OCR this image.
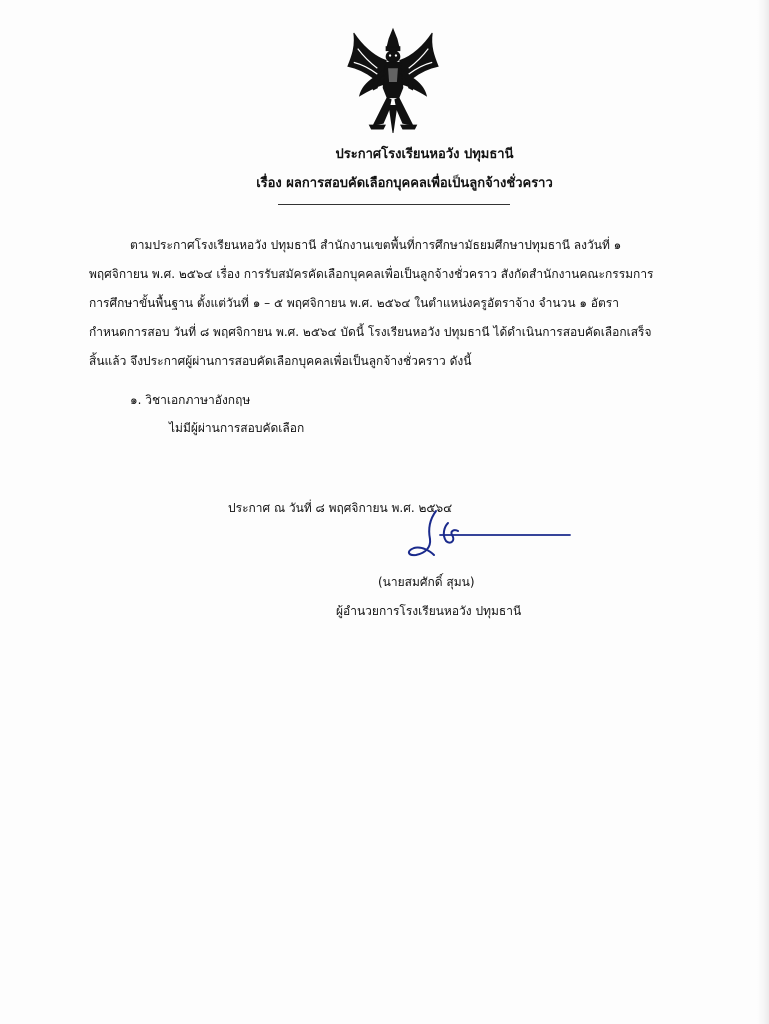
ประกาศโรงเรียนหอวัง ปทุมธานี
เรื่อง ผลการสอบคัดเลือกบุคคลเพื่อเป็นลูกจ้างชั่วคราว
ตามประกาศโรงเรียนหอวัง ปทุมธานี สำนักงานเขตพื้นที่การศึกษามัธยมศึกษาปทุมธานี ลงวันที่ ๑
พฤศจิกายน พ.ศ. ๒๕๖๔ เรื่อง การรับสมัครคัดเลือกบุคคลเพื่อเป็นลูกจ้างชั่วคราว สังกัดสำนักงานคณะกรรมการ
การศึกษาขั้นพื้นฐาน ตั้งแต่วันที่ ๑ – ๕ พฤศจิกายน พ.ศ. ๒๕๖๔ ในตำแหน่งครูอัตราจ้าง จำนวน ๑ อัตรา
กำหนดการสอบ วันที่ ๘ พฤศจิกายน พ.ศ. ๒๕๖๔ บัดนี้ โรงเรียนหอวัง ปทุมธานี ได้ดำเนินการสอบคัดเลือกเสร็จ
สิ้นแล้ว จึงประกาศผู้ผ่านการสอบคัดเลือกบุคคลเพื่อเป็นลูกจ้างชั่วคราว ดังนี้
๑. วิชาเอกภาษาอังกฤษ
ไม่มีผู้ผ่านการสอบคัดเลือก
ประกาศ ณ วันที่ ๘ พฤศจิกายน พ.ศ. ๒๕๖๔
(นายสมศักดิ์ สุมน)
ผู้อำนวยการโรงเรียนหอวัง ปทุมธานี
